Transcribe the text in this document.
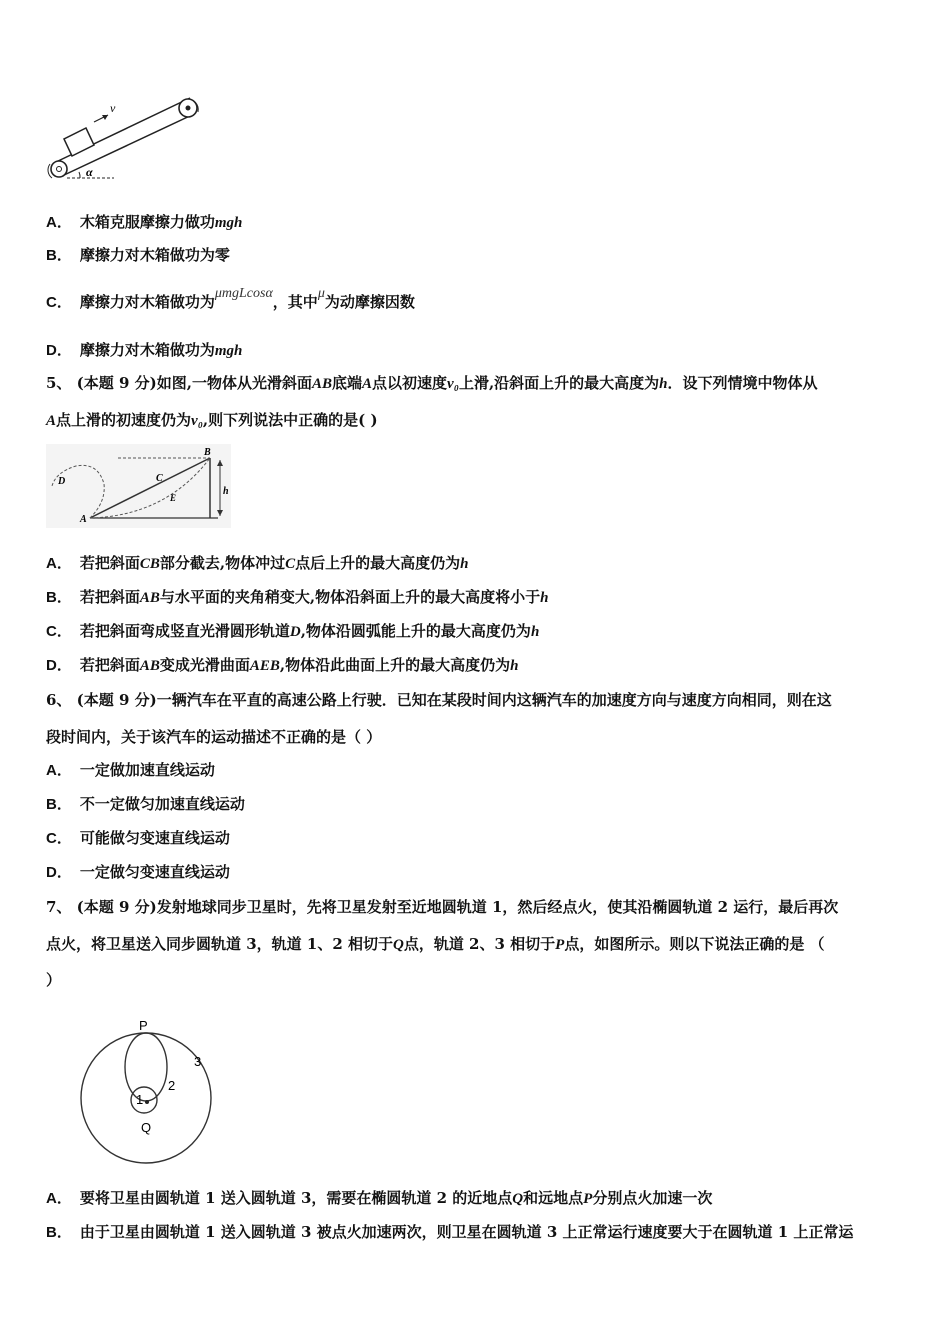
v
α
A． 木箱克服摩擦力做功mgh
B． 摩擦力对木箱做功为零
C． 摩擦力对木箱做功为μmgLcosα，其中μ为动摩擦因数
D． 摩擦力对木箱做功为mgh
5、 (本题 9 分)如图,一物体从光滑斜面AB底端A点以初速度v₀上滑,沿斜面上升的最大高度为h．设下列情境中物体从
A点上滑的初速度仍为v₀,则下列说法中正确的是( )
B
C
E
D
A
h
A． 若把斜面CB部分截去,物体冲过C点后上升的最大高度仍为h
B． 若把斜面AB与水平面的夹角稍变大,物体沿斜面上升的最大高度将小于h
C． 若把斜面弯成竖直光滑圆形轨道D,物体沿圆弧能上升的最大高度仍为h
D． 若把斜面AB变成光滑曲面AEB,物体沿此曲面上升的最大高度仍为h
6、 (本题 9 分)一辆汽车在平直的高速公路上行驶．已知在某段时间内这辆汽车的加速度方向与速度方向相同，则在这
段时间内，关于该汽车的运动描述不正确的是（ ）
A． 一定做加速直线运动
B． 不一定做匀加速直线运动
C． 可能做匀变速直线运动
D． 一定做匀变速直线运动
7、 (本题 9 分)发射地球同步卫星时，先将卫星发射至近地圆轨道 1，然后经点火，使其沿椭圆轨道 2 运行，最后再次
点火，将卫星送入同步圆轨道 3，轨道 1、2 相切于Q点，轨道 2、3 相切于P点，如图所示。则以下说法正确的是 （
）
P
Q
1
2
3
A． 要将卫星由圆轨道 1 送入圆轨道 3，需要在椭圆轨道 2 的近地点Q和远地点P分别点火加速一次
B． 由于卫星由圆轨道 1 送入圆轨道 3 被点火加速两次，则卫星在圆轨道 3 上正常运行速度要大于在圆轨道 1 上正常运
